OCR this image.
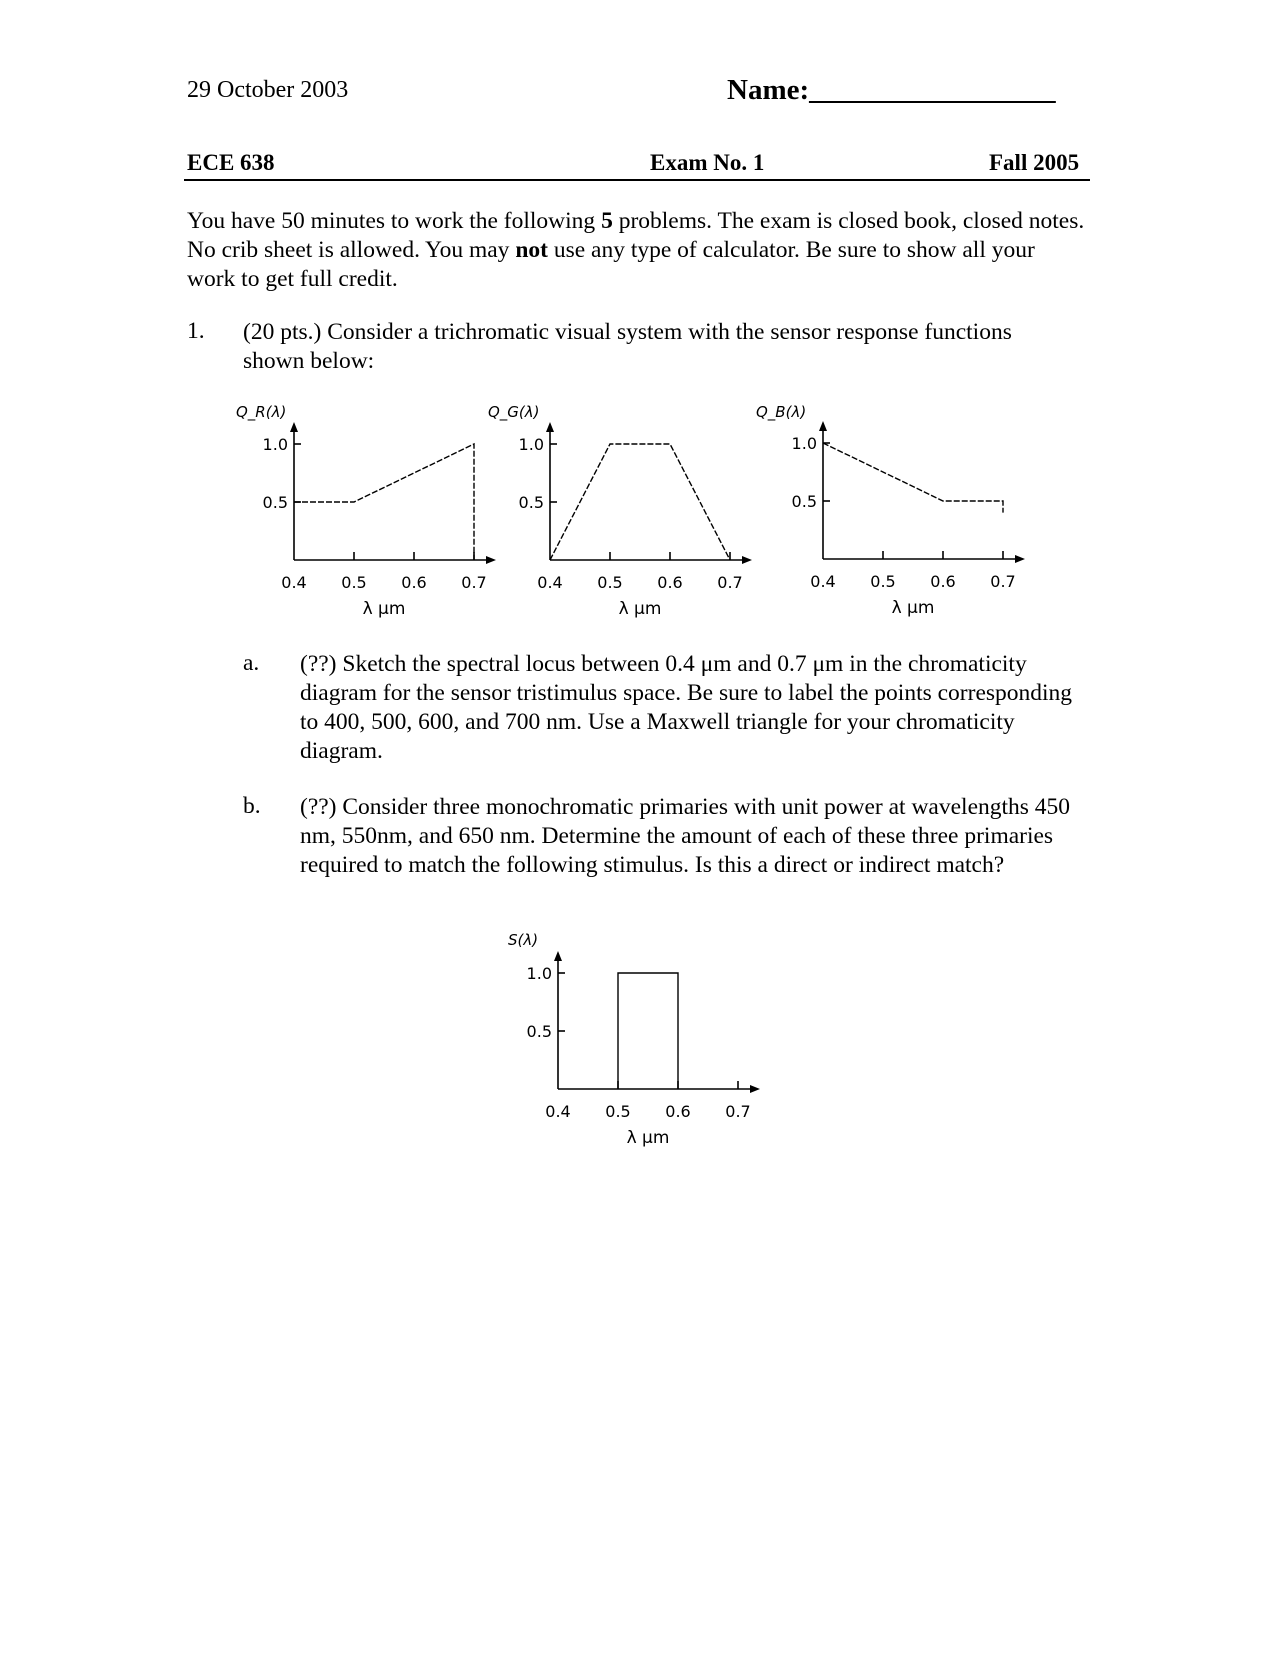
29 October 2003	Name:_________________
ECE 638	Exam No. 1	Fall 2005
You have 50 minutes to work the following 5 problems. The exam is closed book, closed notes. No crib sheet is allowed. You may not use any type of calculator. Be sure to show all your work to get full credit.
1. (20 pts.) Consider a trichromatic visual system with the sensor response functions shown below:
Q_R(λ)
1.0
0.5
0.4 0.5 0.6 0.7
λ μm
Q_G(λ)
1.0
0.5
0.4 0.5 0.6 0.7
λ μm
Q_B(λ)
1.0
0.5
0.4 0.5 0.6 0.7
λ μm
a. (??) Sketch the spectral locus between 0.4 μm and 0.7 μm in the chromaticity diagram for the sensor tristimulus space. Be sure to label the points corresponding to 400, 500, 600, and 700 nm. Use a Maxwell triangle for your chromaticity diagram.
b. (??) Consider three monochromatic primaries with unit power at wavelengths 450 nm, 550nm, and 650 nm. Determine the amount of each of these three primaries required to match the following stimulus. Is this a direct or indirect match?
S(λ)
1.0
0.5
0.4 0.5 0.6 0.7
λ μm
